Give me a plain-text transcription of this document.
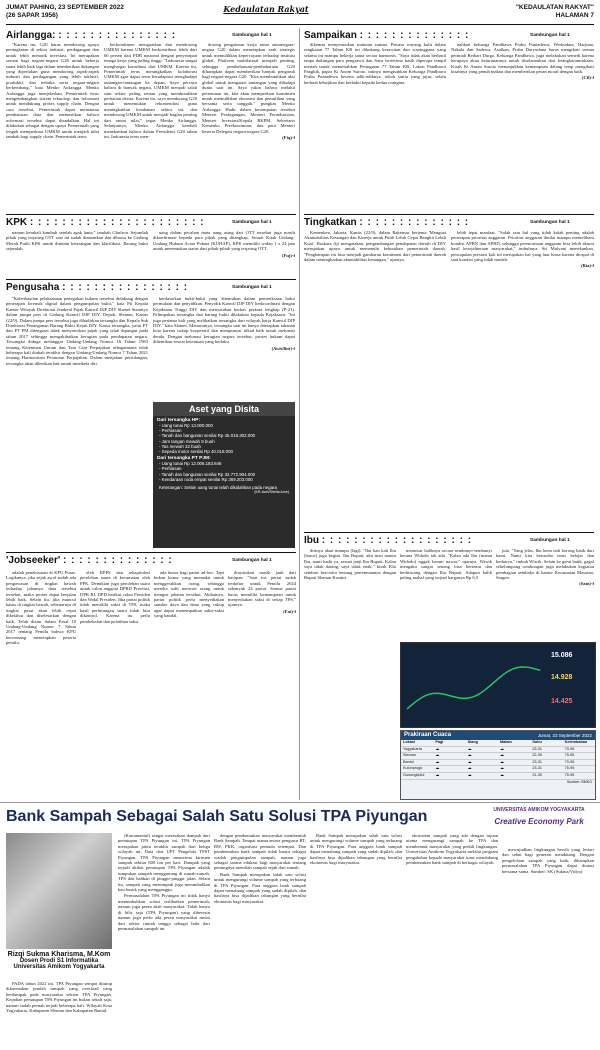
JUMAT PAHING, 23 SEPTEMBER 2022
(26 SAPAR 1956)
Kedaulatan Rakyat	"KEDAULATAN RAKYAT"
HALAMAN 7
Airlangga: : : : : : : : : : : : : : : :	Sambungan hal 1

"Karena itu, G20 harus mendorong upaya peningkatan di sektor industri, perdagangan dan untuk lebih menarik investasi. Ini merupakan seruan bagi negara-negara G20 untuk bekerja sama lebih baik lagi dalam memberikan dukungan yang diperlukan guna mendorong aspek-aspek industri dan perdagangan yang lebih inklusif, produktif, dan terbuka serta negara-negara berkembang," kata Menko Airlangga. Menko Airlangga juga menjelaskan, Pemerintah terus mengembangkan sistem teknologi dan informasi untuk mendukung proses supply chain. Dengan cara tersebut, Pemerintah dapat memantau pembatasan data dan memastikan bahwa informasi tersebut dapat diandalkan. Hal ini dilakukan sebagai dengan upaya Pemerintah yang tengah memperkuat UMKM untuk menjadi nilai tambah bagi supply chain. Pemerintah terus

berkomitmen menguatkan dan mendorong UMKM karena UMKM berkontribusi lebih dari 60 persen dari PDB nasional dengan penyerapan tenaga kerja yang paling tinggi. "Indonesia sangat menghargai kontribusi dari UMKM. Karena itu, Pemerintah terus meningkatkan kolaborasi UMKM agar dapat terus beradaptasi menghadapi tantangan-tantangan ke depan. Saya percaya bahwa di banyak negara, UMKM menjadi salah satu sektor paling rentan yang membutuhkan perhatian ekstra. Karena itu, saya mendorong G20 untuk menemukan rekomendasi guna meningkatkan ketahanan sektor ini, dan mendorong UMKM untuk menjadi bagian penting dari rantai nilai," tegas Menko Airlangga. Selanjutnya, Menko Airlangga kembali menekankan bahwa dalam Presidensi G20 tahun ini, Indonesia terus men-

dorong pengaturan kerja sama antarnegara-negara G20 dalam menetapkan arah strategis untuk memulihkan kepercayaan terhadap institusi global. Platform multilateral menjadi penting, sehingga pembaharuan-pembaharuan G20 diharapkan dapat memberikan banyak pengaruh bagi negara-negara G20. "Kita membutuhkan aksi global untuk mengatasi tantangan yang dihadapi dunia saat ini. Saya yakin bahwa melalui pertemuan ini, kita akan memperkuat komitmen untuk memulihkan ekonomi dan pemulihan yang bersama serta tangguh," pungkas Menko Airlangga. Hadir dalam kesempatan tersebut Menteri Perdagangan, Menteri Perindustrian, Menteri Investasi/Kepala BKPM, Sekretaris Kemenko Perekonomian, dan para Menteri beserta Delegasi negara-negara G20.

(Fiq)-f
KPK : : : : : : : : : : : : : : : : : : : : : :	Sambungan hal 1

namun kembali kambuh setelah agak lama," tambah Ghufron. Sejumlah pihak yang terjaring OTT saat ini sudah diamankan dan dibawa ke Gedung Merah Putih KPK untuk diminta keterangan dan klarifikasi. Barang bukti sejumlah

uang dalam pecahan mata uang asing dari OTT tersebut juga masih dikonfirmasi kepada para pihak yang ditangkap. Sesuai Kitab Undang-Undang Hukum Acara Pidana (KUHAP), KPK memiliki waktu 1 x 24 jam untuk menentukan status dari pihak-pihak yang terjaring OTT.

(Fuj)-f
Pengusaha : : : : : : : : : : : : : : : :	Sambungan hal 1

"Keberhasilan pelaksanaan penegakan hukum tersebut didukung dengan penerapan forensik digital dalam pengumpulan bukti," kata Pit Kepala Kantor Wilayah Direktorat Jenderal Pajak Kanwil DJP DIY Slamet Sutantyo dalam jumpa pers di Gedung Kanwil DJP DIY, Depok, Sleman, Kamis (22/9). Dalam jumpa pers tersebut juga dihadirkan tersangka dan Kepala Sub Direktorat Penanganan Barang Bukti Kejati DIY. Kasus tersangka, yaitu PT dan PT PM ditengarai tidak menyetorkan pajak yang telah dipungut pada tahun 2017 sehingga mengakibatkan kerugian pada pendapatan negara. Tersangka diduga melanggar Undang-Undang Nomor 16 Tahun 1983 tentang Ketentuan Umum dan Tata Cara Perpajakan sebagaimana telah beberapa kali diubah terakhir dengan Undang-Undang Nomor 7 Tahun 2021 tentang Harmonisasi Peraturan Perpajakan. Dalam menjalani persidangan, tersangka akan diberikan hak untuk membela diri.

berdasarkan bukti-bukti yang ditemukan dalam pemeriksaan bukti permulaan dan penyidikan. Penyidik Kanwil DJP DIY berkoordinasi dengan Kejaksaan Tinggi DIY dan menyatakan berkas perkara lengkap (P-21). Pelimpahan tersangka dan barang bukti dilakukan kepada Kejaksaan. "Ini juga pertama kali yang melibatkan tersangka dari wilayah kerja Kanwil DJP DIY," kata Slamet. Menurutnya, tersangka saat ini hanya ditetapkan tahanan kota karena cukup kooperatif dan mempunyai itikad baik untuk melunasi denda. Dengan melunasi kerugian negara tersebut, proses hukum dapat dihentikan sesuai ketentuan yang berlaku.

(Awh/Bnt)-f
Aset yang Disita
Dari tersangka HP:
- Uang tunai Rp 13.000.000
- Perhiasan
- Tanah dan bangunan senilai Rp 45.016.302.000
- Jam tangan mewah 9 buah
- Tas mewah 32 buah
- Sepeda motor senilai Rp 40.018.000
Dari tersangka PT PJM:
- Uang tunai Rp 12.006.183.846
- Perhiasan
- Tanah dan bangunan senilai Rp 32.772.904.000
- Kendaraan roda empat senilai Rp 369.203.000
Keterangan: Selain uang tunai telah dikalahkan pada negara
(KR-Awh/Sheila Ame)
'Jobseeker' : : : : : : : : : : : : : :	Sambungan hal 1

adalah penelusuran di KPU Pusat. Logikanya, jika sejak awal sudah ada pengawasan di tingkat bawah terhadap jalannya data tersebut tersebut, maka proses dapat berjalan lebih baik. Selain itu, jika muncul kasus di tingkat bawah, sebenarnya di tingkat pusat akan lebih cepat diketahui dan diselesaikan dengan baik. Telah diatur dalam Pasal 10 Undang-Undang Nomor 7 Tahun 2017 tentang Pemilu bahwa KPU berwenang menetapkan peserta pemilu.

oleh KPPS dan rekapitulasi perolehan suara di kecamatan oleh PPK. Demikian juga perolehan suara untuk calon anggota DPRD Provinsi, DPR RI, DPD berikut calon Presiden dan Wakil Presiden. Jika partai politik tidak memiliki saksi di TPS, maka hasil perhitungan suara tidak bisa dikontrol. Karena itu perlu pembekalan dan pelatihan saksi.

ada honor bagi partai ad-hoc. Tapi bukan honor yang memadai untuk menggerakkan orang, sehingga mereka sulit mencari orang untuk mengisi jabatan tersebut. Akibatnya, partai politik perlu menyediakan sumber daya dan dana yang cukup agar dapat menempatkan saksi-saksi yang handal.

dinyatakan masih jauh dari harapan. "Saat ini, partai sudah terdaftar untuk Pemilu 2024 sebanyak 24 partai. Semua partai harus memiliki kemampuan untuk menyediakan saksi di setiap TPS," ujarnya.

(Fat)-f
Sampaikan : : : : : : : : : : : : : :	Sambungan hal 1

dikemas menyesuaikan tuntutan zaman. Pemisa wayang kulit dalam rangkaian 77 Tahun KR ini dikukung kerawitan dan waranggana yang selama ini mampu bekerja sama secara harmonis. "Saya tidak akan berhasil tanpa dukungan para pengrawit dan Saya berterima kasih diperopa tampil meriah untuk memeriahkan Peringatan 77 Tahun KR. Lakon Pandhawa Pangkik, papar Ki Anom Suroto, intinya mengisahkan Keluarga Pandhawa Prabu Puntadewa beserta adik-adiknya, tokoh satria yang jujur, selalu berbuat kebajikan dan berbakti kepada kedua orangtua.

nahkan keluarga Pandhawa Prabu Puntadewa, Werkudara, Harjuna, Nakula dan Sadewa. Asalkan, Prabu Duryudana harus mengikuti semua perintah Bethari Durga. Keluarga Pandhawa, juga melakukan semedi karena berupaya akan keturunannya untuk diselamatkan dari keangkaramurkaan. Kisah Ki Anom Suroto menunjukkan kemampuan dalang tetap mengikuti kisahnya yang penuh makna dan memberikan pesan moral dengan baik.

(Cil)-f
Tingkatkan : : : : : : : : : : : : : :	Sambungan hal 1

Kemenkeu, Jakarta, Kamis (22/9), dalam Rakernas bertema 'Menguat Akuntabilitas Keuangan dan Kinerja untuk Pulih Lebih Cepat Bangkit Lebih Kuat'. Baskara Aji mengatakan, pengembangan pendapatan daerah di DIY merupakan upaya untuk memenuhi kebutuhan pemerintah daerah. "Pengharapan ini bisa menjadi gambaran komitmen dari pemerintah daerah dalam meningkatkan akuntabilitas keuangan," ujarnya.

lebih tepat manfaat. "Salah satu hal yang tidak kalah penting adalah penerapan prioritas anggaran. Prioritas anggaran dinilai mampu memelihara kondisi APBN dan APBD, sehingga perencanaan anggaran bisa lebih akurat hasil kesejahteraan masyarakat," imbuhnya. Sri Mulyani menekankan, pencapaian prestasi kali ini merupakan hal yang luar biasa karena dicapai di saat kondisi yang tidak mudah.

(Ria)-f
Ibu : : : : : : : : : : : : : : : : : : :	Sambungan hal 1

dirinya akan mampu (lagi). "Ibu kan kali Ibu (harus) juga begitu. Ibu Bupati, aku mau mantu Ibu, nanti hadir ya, sesuai janji Ibu Bupati. Kalau saya tidak datang, saya tidak enak," kisah Elia sembari bercerita tentang pertemuannya dengan Bupati Sleman Kustini.

menawar baliknya secara sembunyi-sembunyi kerana Widodo tak ada. "Kalau ada Ibu (mama Widodo) nggak berani nawar," ujarnya. Wiwik mengaku sangat senang bisa bertemu dan berbincang dengan Ibu Bupati. Adapun balik paling mahal yang terjual harganya Rp 6,5

juta. "Yang jelas, Ibu kena tadi borong batik dari kami. Nanti kita berusaha terus belajar dan berkarya," imbuh Wiwik. Selain ke gerai batik, gagal sekelumpang rombongan juga melakukan kegiatan pembagian sembako di kantor Kecamatan Masaran, Sragen.

(Sam)-f
15.086
14.928
14.425
Prakiraan Cuaca	Jumat, 23 September 2022
Lokasi	Pagi	Siang	Malam	Suhu	Kelembaban
Yogyakarta	☁	☁	☁	23-31	70-96
Sleman	☁	☁	☁	22-30	75-95
Bantul	☁	☁	☁	23-31	70-95
Kulonprogo	☁	☁	☁	23-31	75-95
Gunungkidul	☁	☁	☁	21-30	75-95
Sumber: BMKG
Bank Sampah Sebagai Salah Satu Solusi TPA Piyungan	UNIVERSITAS AMIKOM YOGYAKARTA
Creative Economy Park
Rizqi Sukma Kharisma, M.Kom
Dosen Prodi S1 Informatika
Universitas Amikom Yogyakarta

PADA tahun 2022 ini, TPA Piyungan sempat ditutup dikarenakan jumlah sampah yang overload yang berdampak pada masyarakat sekitar TPA Piyungan. Kejadian penutupan TPA Piyungan ini bukan sekali saja, namun sudah pernah terjadi beberapa kali. Wilayah Kota Yogyakarta, Kabupaten Sleman dan Kabupaten Bantul.

(Kartamantul) sangat merasakan dampak dari penutupan TPA Piyungan ini. TPA Piyungan merupakan pintu terakhir sampah dari ketiga wilayah ini. Data dari UPT Pengelola TPST Piyungan, TPA Piyungan menerima kiriman sampah sekitar 600 ton per hari. Dampak yang terjadi akibat penutupan TPA Piyungan adalah tumpukan sampah menggunung di rumah-rumah, TPS dan bahkan di pinggir-pinggir jalan. Selain itu, sampah yang menumpuk juga menimbulkan bau busuk yang mengganggu.

Permasalahan TPA Piyungan ini tidak hanya menumbuhkan solusi terlibatkan pemerintah, namun juga peran aktif masyarakat. Tidak hanya di hilir saja (TPA Piyungan) yang diberesin namun juga perlu ada peran masyarakat mulai dari sektor rumah tangga sebagai hulu dari permasalahan sampah ini.

dengan pembentukan masyarakat membentuk Bank Sampah. Tempat utama antara pengurus RT, RW, PKK, organisasi pemuda setempat. Dan pembentukan bank sampah tidak hanya sebagai wadah pengumpulan sampah, namun juga sebagai sarana edukasi bagi masyarakat tentang pentingnya memilah sampah sejak dari rumah.

Bank Sampah merupakan salah satu solusi untuk mengurangi volume sampah yang terbuang di TPA Piyungan. Para anggota bank sampah dapat menabung sampah yang sudah dipilah, dan hasilnya bisa dijadikan tabungan yang bernilai ekonomis bagi masyarakat.

Bank Sampah merupakan salah satu solusi untuk mengurangi volume sampah yang terbuang di TPA Piyungan. Para anggota bank sampah dapat menabung sampah yang sudah dipilah, dan hasilnya bisa dijadikan tabungan yang bernilai ekonomis bagi masyarakat.

ekosistem sampah yang ada dengan tujuan utama mengurangi sampah ke TPA dan membentuk masyarakat yang peduli lingkungan. Universitas Amikom Yogyakarta melalui program pengabdian kepada masyarakat turut mendukung pembentukan bank sampah di berbagai wilayah.

mewujudkan lingkungan bersih yang lestari dan sehat bagi generasi mendatang. Dengan pengelolaan sampah yang baik, diharapkan permasalahan TPA Piyungan dapat diatasi bersama-sama. Sumber: SK (Sukma/Vidya)
